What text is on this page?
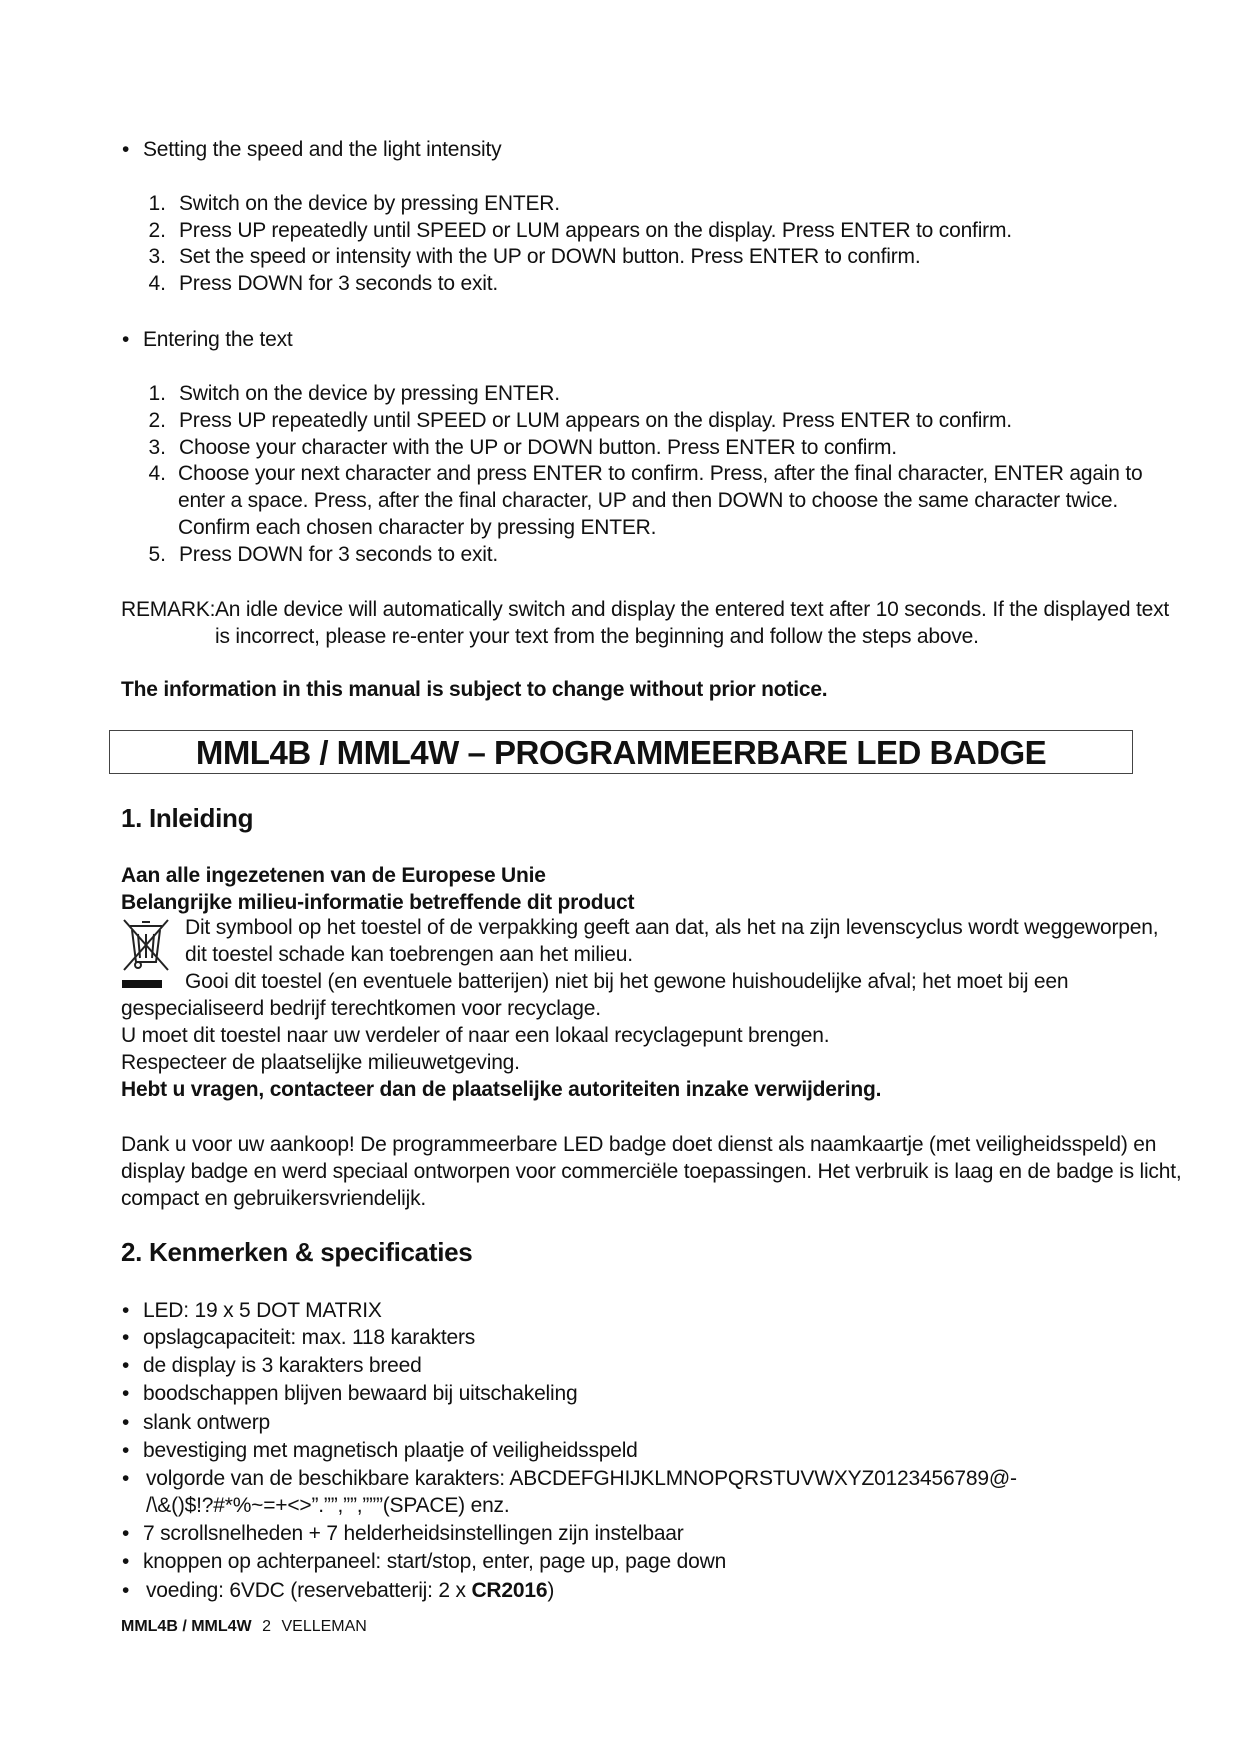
• Setting the speed and the light intensity
1. Switch on the device by pressing ENTER.
2. Press UP repeatedly until SPEED or LUM appears on the display. Press ENTER to confirm.
3. Set the speed or intensity with the UP or DOWN button. Press ENTER to confirm.
4. Press DOWN for 3 seconds to exit.
• Entering the text
1. Switch on the device by pressing ENTER.
2. Press UP repeatedly until SPEED or LUM appears on the display. Press ENTER to confirm.
3. Choose your character with the UP or DOWN button. Press ENTER to confirm.
4. Choose your next character and press ENTER to confirm. Press, after the final character, ENTER again to
enter a space. Press, after the final character, UP and then DOWN to choose the same character twice.
Confirm each chosen character by pressing ENTER.
5. Press DOWN for 3 seconds to exit.
REMARK: An idle device will automatically switch and display the entered text after 10 seconds. If the displayed text
is incorrect, please re-enter your text from the beginning and follow the steps above.
The information in this manual is subject to change without prior notice.
MML4B / MML4W – PROGRAMMEERBARE LED BADGE
1. Inleiding
Aan alle ingezetenen van de Europese Unie
Belangrijke milieu-informatie betreffende dit product
Dit symbool op het toestel of de verpakking geeft aan dat, als het na zijn levenscyclus wordt weggeworpen,
dit toestel schade kan toebrengen aan het milieu.
Gooi dit toestel (en eventuele batterijen) niet bij het gewone huishoudelijke afval; het moet bij een
gespecialiseerd bedrijf terechtkomen voor recyclage.
U moet dit toestel naar uw verdeler of naar een lokaal recyclagepunt brengen.
Respecteer de plaatselijke milieuwetgeving.
Hebt u vragen, contacteer dan de plaatselijke autoriteiten inzake verwijdering.
Dank u voor uw aankoop! De programmeerbare LED badge doet dienst als naamkaartje (met veiligheidsspeld) en
display badge en werd speciaal ontworpen voor commerciële toepassingen. Het verbruik is laag en de badge is licht,
compact en gebruikersvriendelijk.
2. Kenmerken & specificaties
• LED: 19 x 5 DOT MATRIX
• opslagcapaciteit: max. 118 karakters
• de display is 3 karakters breed
• boodschappen blijven bewaard bij uitschakeling
• slank ontwerp
• bevestiging met magnetisch plaatje of veiligheidsspeld
• volgorde van de beschikbare karakters: ABCDEFGHIJKLMNOPQRSTUVWXYZ0123456789@-
/\&()$!?#*%~=+<>”.””,””,”””(SPACE) enz.
• 7 scrollsnelheden + 7 helderheidsinstellingen zijn instelbaar
• knoppen op achterpaneel: start/stop, enter, page up, page down
• voeding: 6VDC (reservebatterij: 2 x CR2016)
MML4B / MML4W 2 VELLEMAN
